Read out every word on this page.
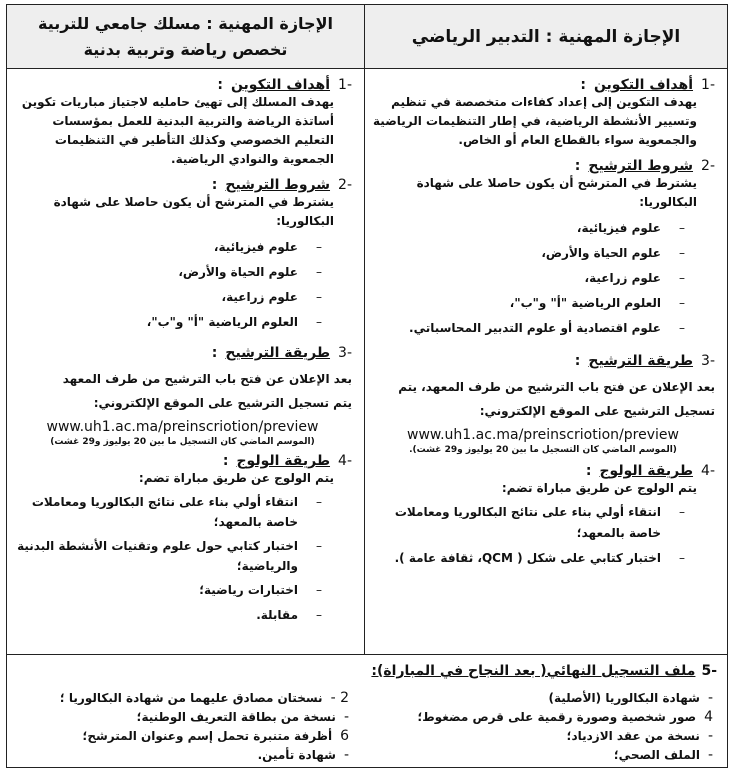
الإجازة المهنية : التدبير الرياضي
الإجازة المهنية : مسلك جامعي للتربية
تخصص رياضة وتربية بدنية
-1
أهداف التكوين
:
يهدف التكوين إلى إعداد كفاءات متخصصة في تنظيم وتسيير الأنشطة الرياضية، في إطار التنظيمات الرياضية والجمعوية سواء بالقطاع العام أو الخاص.
-2
شروط الترشيح
:
يشترط في المترشح أن يكون حاصلا على شهادة البكالوريا:
–
علوم فيزيائية،
–
علوم الحياة والأرض،
–
علوم زراعية،
–
العلوم الرياضية "أ" و"ب"،
–
علوم اقتصادية أو علوم التدبير المحاسباتي.
-3
طريقة الترشيح
:
بعد الإعلان عن فتح باب الترشيح من طرف المعهد، يتم
تسجيل الترشيح على الموقع الإلكتروني:
www.uh1.ac.ma/preinscriotion/preview
(الموسم الماضي كان التسجيل ما بين 20 يوليوز و29 غشت).
-4
طريقة الولوج
:
يتم الولوج عن طريق مباراة تضم:
–
انتقاء أولي بناء على نتائج البكالوريا ومعاملات خاصة بالمعهد؛
–
اختبار كتابي على شكل ( QCM، ثقافة عامة ).
-1
أهداف التكوين
:
يهدف المسلك إلى تهيئ حامليه لاجتياز مباريات تكوين أساتذة الرياضة والتربية البدنية للعمل بمؤسسات التعليم الخصوصي وكذلك التأطير في التنظيمات الجمعوية والنوادي الرياضية.
-2
شروط الترشيح
:
يشترط في المترشح أن يكون حاصلا على شهادة البكالوريا:
–
علوم فيزيائية،
–
علوم الحياة والأرض،
–
علوم زراعية،
–
العلوم الرياضية "أ" و"ب"،
-3
طريقة الترشيح
:
بعد الإعلان عن فتح باب الترشيح من طرف المعهد
يتم تسجيل الترشيح على الموقع الإلكتروني:
www.uh1.ac.ma/preinscriotion/preview
(الموسم الماضي كان التسجيل ما بين 20 يوليوز و29 غشت)
-4
طريقة الولوج
:
يتم الولوج عن طريق مباراة تضم:
–
انتقاء أولي بناء على نتائج البكالوريا ومعاملات خاصة بالمعهد؛
–
اختبار كتابي حول علوم وتقنيات الأنشطة البدنية والرياضية؛
–
اختبارات رياضية؛
–
مقابلة.
-5
ملف التسجيل النهائي( بعد النجاح في المباراة):
-
شهادة البكالوريا (الأصلية)
4
صور شخصية وصورة رقمية على قرص مضغوط؛
-
نسخة من عقد الازدياد؛
-
الملف الصحي؛
2 -
نسختان مصادق عليهما من شهادة البكالوريا ؛
-
نسخة من بطاقة التعريف الوطنية؛
6
أظرفة متنبرة تحمل إسم وعنوان المترشح؛
-
شهادة تأمين.
